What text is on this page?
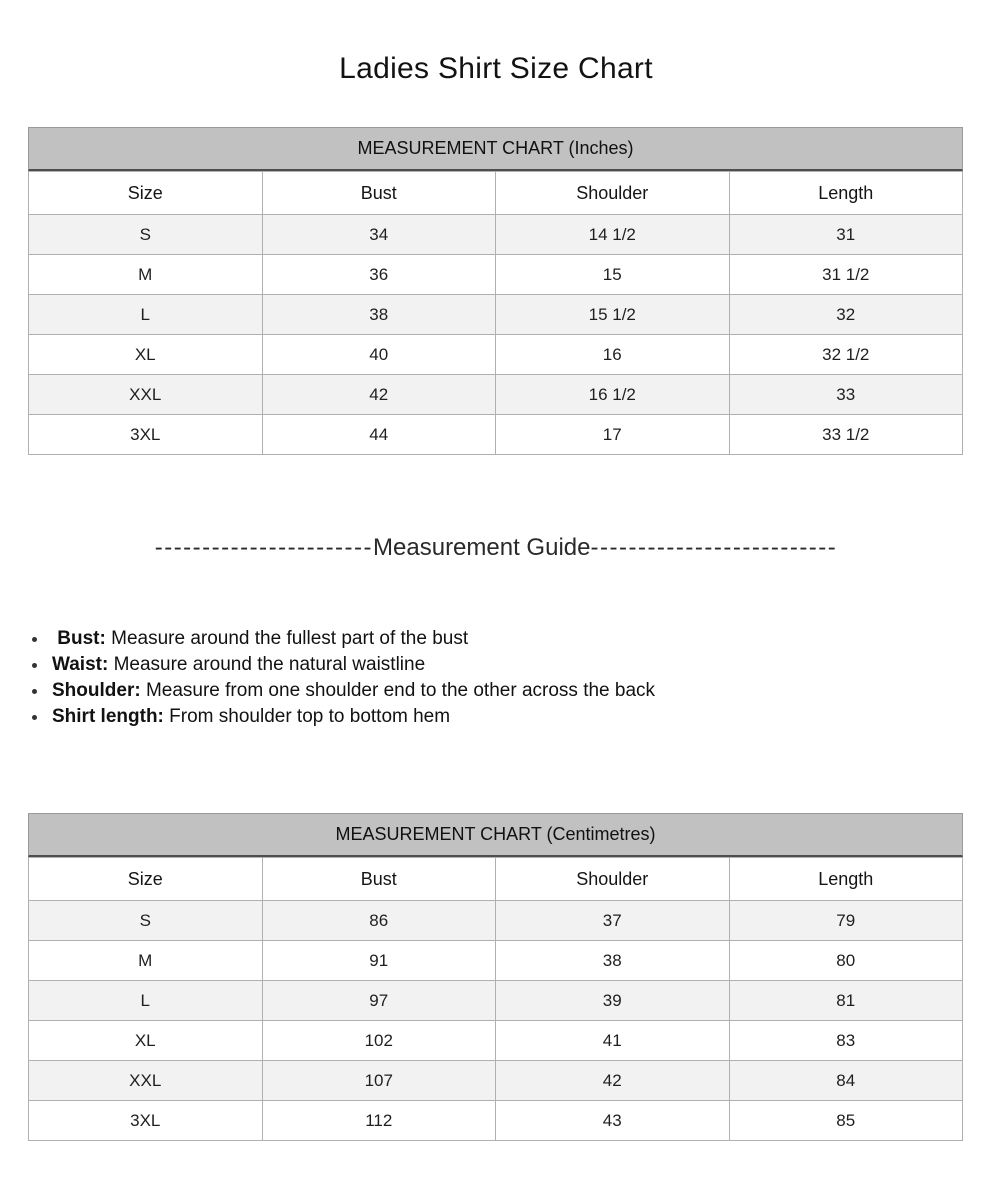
Ladies Shirt Size Chart
MEASUREMENT CHART (Inches)
Size	Bust	Shoulder	Length
S	34	14 1/2	31
M	36	15	31 1/2
L	38	15 1/2	32
XL	40	16	32 1/2
XXL	42	16 1/2	33
3XL	44	17	33 1/2
-----------------------Measurement Guide--------------------------
Bust: Measure around the fullest part of the bust
Waist: Measure around the natural waistline
Shoulder: Measure from one shoulder end to the other across the back
Shirt length: From shoulder top to bottom hem
MEASUREMENT CHART (Centimetres)
Size	Bust	Shoulder	Length
S	86	37	79
M	91	38	80
L	97	39	81
XL	102	41	83
XXL	107	42	84
3XL	112	43	85
